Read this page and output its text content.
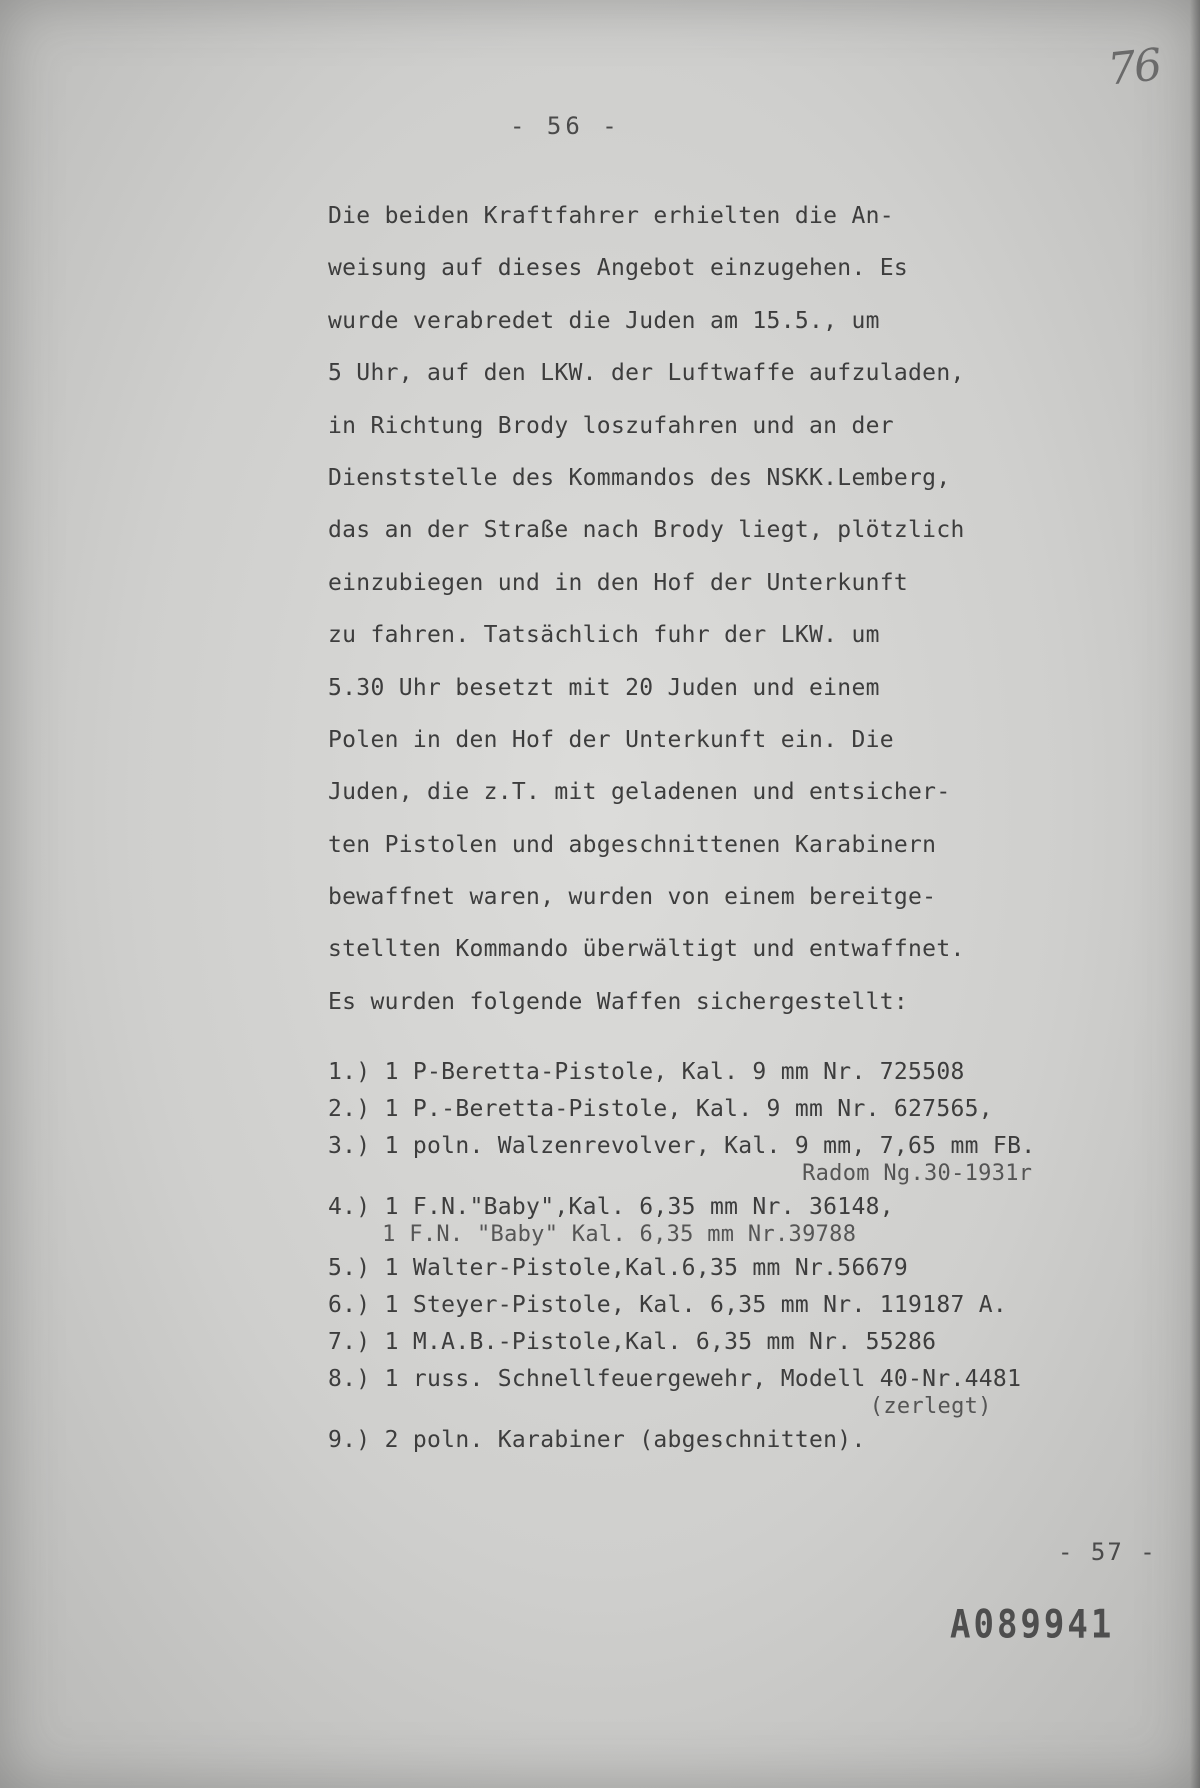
76
- 56 -
Die beiden Kraftfahrer erhielten die An-
weisung auf dieses Angebot einzugehen. Es
wurde verabredet die Juden am 15.5., um
5 Uhr, auf den LKW. der Luftwaffe aufzuladen,
in Richtung Brody loszufahren und an der
Dienststelle des Kommandos des NSKK.Lemberg,
das an der Straße nach Brody liegt, plötzlich
einzubiegen und in den Hof der Unterkunft
zu fahren. Tatsächlich fuhr der LKW. um
5.30 Uhr besetzt mit 20 Juden und einem
Polen in den Hof der Unterkunft ein. Die
Juden, die z.T. mit geladenen und entsicher-
ten Pistolen und abgeschnittenen Karabinern
bewaffnet waren, wurden von einem bereitge-
stellten Kommando überwältigt und entwaffnet.
Es wurden folgende Waffen sichergestellt:
1.) 1 P-Beretta-Pistole, Kal. 9 mm Nr. 725508
2.) 1 P.-Beretta-Pistole, Kal. 9 mm Nr. 627565,
3.) 1 poln. Walzenrevolver, Kal. 9 mm, 7,65 mm FB.
Radom Ng.30-1931r
4.) 1 F.N."Baby",Kal. 6,35 mm Nr. 36148,
1 F.N. "Baby" Kal. 6,35 mm Nr.39788
5.) 1 Walter-Pistole,Kal.6,35 mm Nr.56679
6.) 1 Steyer-Pistole, Kal. 6,35 mm Nr. 119187 A.
7.) 1 M.A.B.-Pistole,Kal. 6,35 mm Nr. 55286
8.) 1 russ. Schnellfeuergewehr, Modell 40-Nr.4481
(zerlegt)
9.) 2 poln. Karabiner (abgeschnitten).
- 57 -
A089941
